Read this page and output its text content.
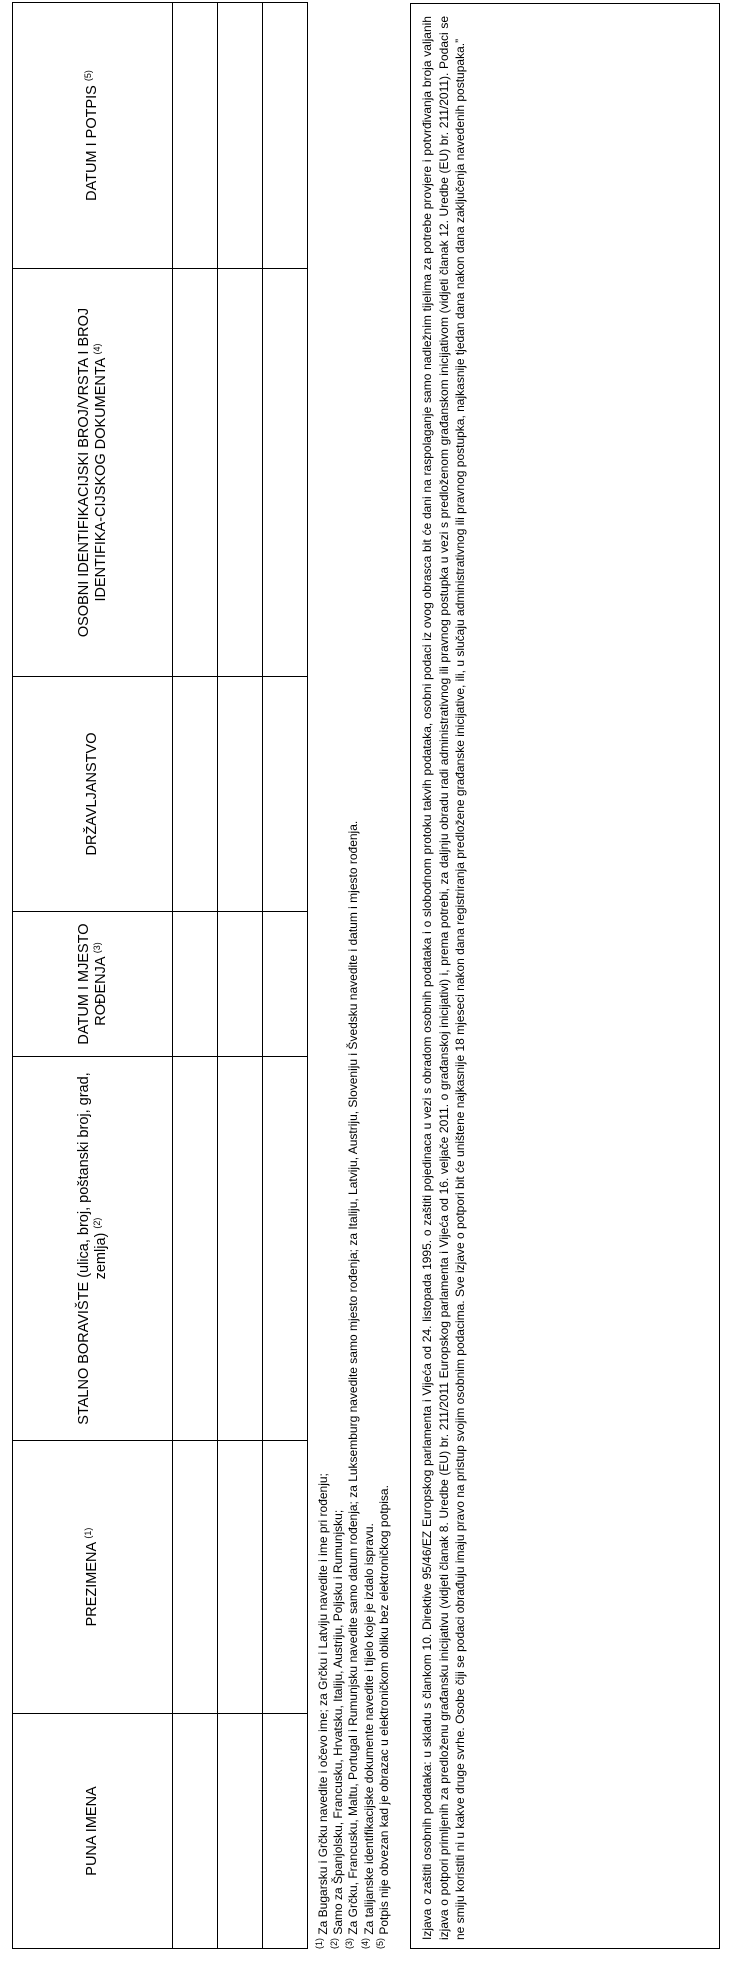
PUNA IMENA	PREZIMENA $^{(1)}$	STALNO BORAVIŠTE (ulica, broj, poštanski broj, grad, zemlja) $^{(2)}$	DATUM I MJESTO ROĐENJA $^{(3)}$	DRŽAVLJANSTVO	OSOBNI IDENTIFIKACIJSKI BROJ/VRSTA I BROJ IDENTIFIKA-CIJSKOG DOKUMENTA $^{(4)}$	DATUM I POTPIS $^{(5)}$

$^{(1)}$ Za Bugarsku i Grčku navedite i očevo ime; za Grčku i Latviju navedite i ime pri rođenju;
$^{(2)}$ Samo za Španjolsku, Francusku, Hrvatsku, Italiju, Austriju, Poljsku i Rumunjsku;
$^{(3)}$ Za Grčku, Francusku, Maltu, Portugal i Rumunjsku navedite samo datum rođenja; za Luksemburg navedite samo mjesto rođenja; za Italiju, Latviju, Austriju, Sloveniju i Švedsku navedite i datum i mjesto rođenja.
$^{(4)}$ Za talijanske identifikacijske dokumente navedite i tijelo koje je izdalo ispravu.
$^{(5)}$ Potpis nije obvezan kad je obrazac u elektroničkom obliku bez elektroničkog potpisa. Izjava o zaštiti osobnih podataka: u skladu s člankom 10. Direktive 95/46/EZ Europskog parlamenta i Vijeća od 24. listopada 1995. o zaštiti pojedinaca u vezi s obradom osobnih podataka i o slobodnom protoku takvih podataka, osobni podaci iz ovog obrasca bit će dani na raspolaganje samo nadležnim tijelima za potrebe provjere i potvrđivanja broja valjanih izjava o potpori primljenih za predloženu građansku inicijativu (vidjeti članak 8. Uredbe (EU) br. 211/2011 Europskog parlamenta i Vijeća od 16. veljače 2011. o građanskoj inicijativi) i, prema potrebi, za daljnju obradu radi administrativnog ili pravnog postupka u vezi s predloženom građanskom inicijativom (vidjeti članak 12. Uredbe (EU) br. 211/2011). Podaci se ne smiju koristiti ni u kakve druge svrhe. Osobe čiji se podaci obrađuju imaju pravo na pristup svojim osobnim podacima. Sve izjave o potpori bit će uništene najkasnije 18 mjeseci nakon dana registriranja predložene građanske inicijative, ili, u slučaju administrativnog ili pravnog postupka, najkasnije tjedan dana nakon dana zaključenja navedenih postupaka.”
